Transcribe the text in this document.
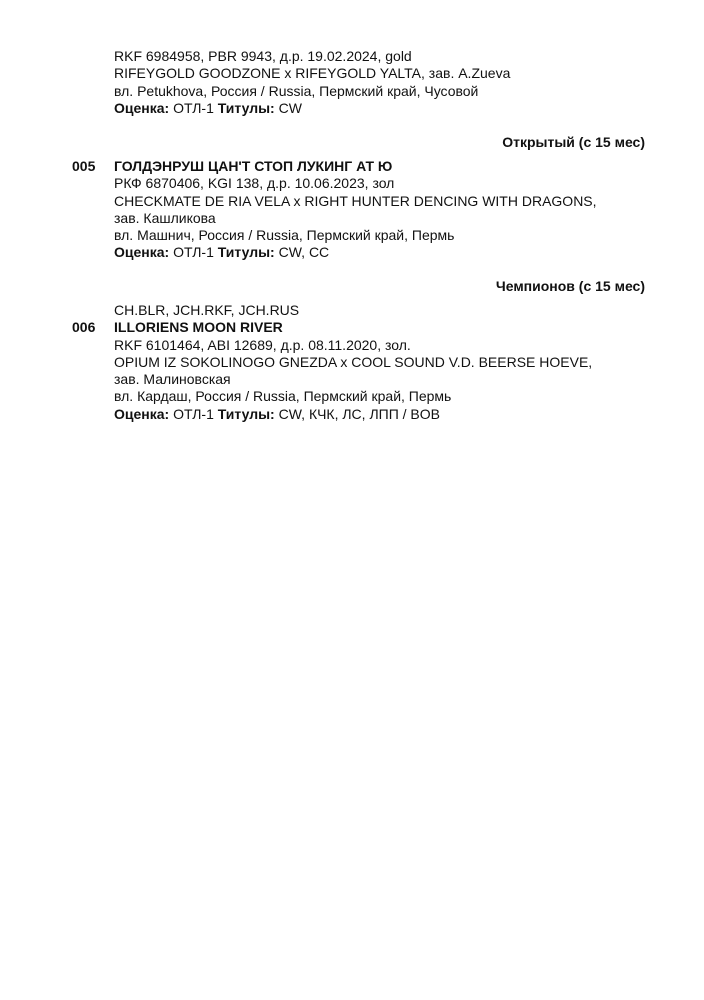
RKF 6984958, PBR 9943, д.р. 19.02.2024, gold
RIFEYGOLD GOODZONE x RIFEYGOLD YALTA, зав. A.Zueva
вл. Petukhova, Россия / Russia, Пермский край, Чусовой
Оценка: ОТЛ-1 Титулы: CW
Открытый (с 15 мес)
005 ГОЛДЭНРУШ ЦАН'Т СТОП ЛУКИНГ АТ Ю
РКФ 6870406, KGI 138, д.р. 10.06.2023, зол
CHECKMATE DE RIA VELA x RIGHT HUNTER DENCING WITH DRAGONS,
зав. Кашликова
вл. Машнич, Россия / Russia, Пермский край, Пермь
Оценка: ОТЛ-1 Титулы: CW, CC
Чемпионов (с 15 мес)
CH.BLR, JCH.RKF, JCH.RUS
ILLORIENS MOON RIVER
RKF 6101464, ABI 12689, д.р. 08.11.2020, зол.
OPIUM IZ SOKOLINOGO GNEZDA x COOL SOUND V.D. BEERSE HOEVE,
зав. Малиновская
вл. Кардаш, Россия / Russia, Пермский край, Пермь
Оценка: ОТЛ-1 Титулы: CW, КЧК, ЛС, ЛПП / BOB
006
